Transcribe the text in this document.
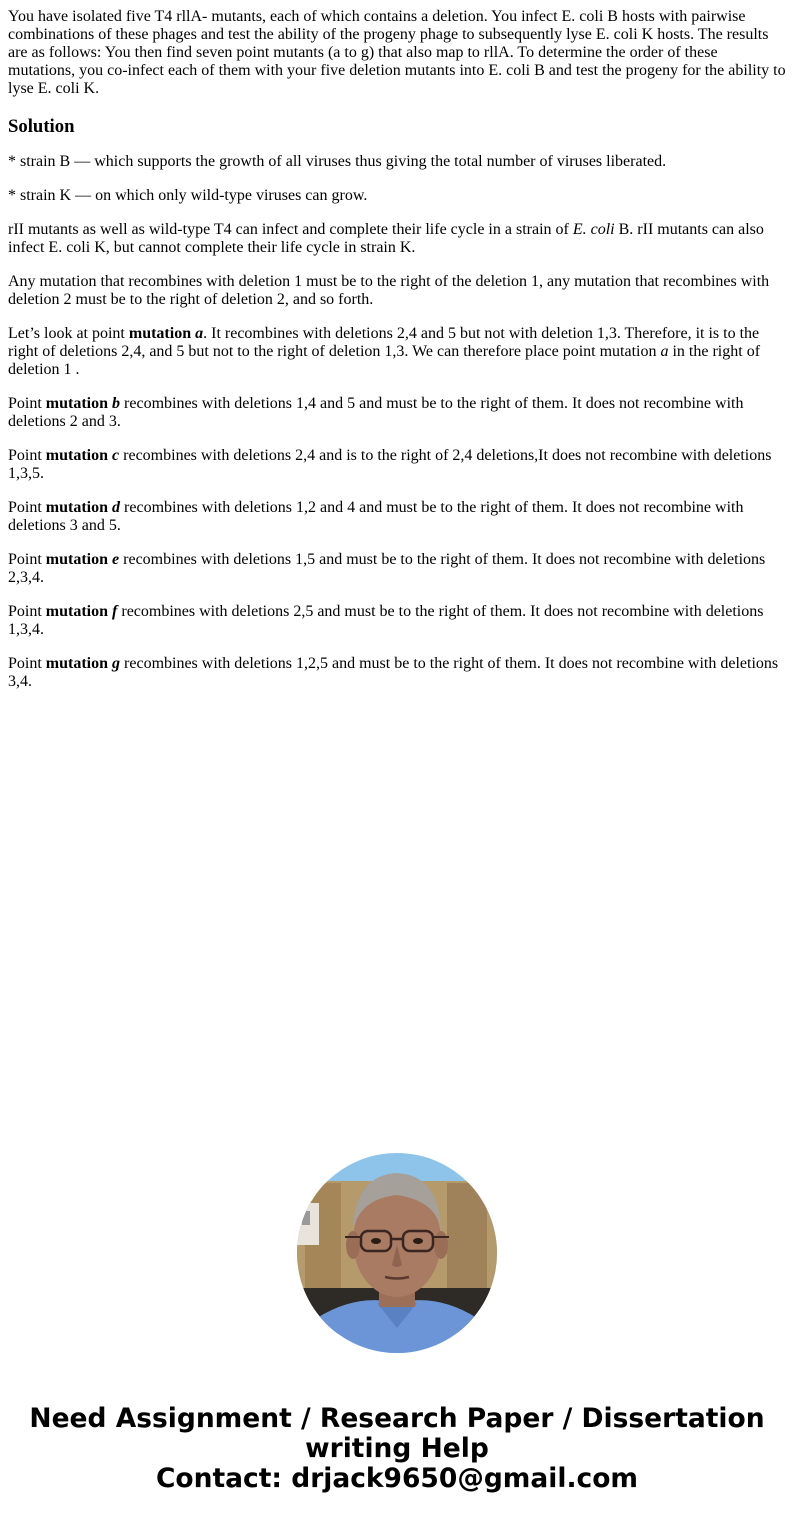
You have isolated five T4 rllA- mutants, each of which contains a deletion. You infect E. coli B hosts with pairwise combinations of these phages and test the ability of the progeny phage to subsequently lyse E. coli K hosts. The results are as follows: You then find seven point mutants (a to g) that also map to rllA. To determine the order of these mutations, you co-infect each of them with your five deletion mutants into E. coli B and test the progeny for the ability to lyse E. coli K.

Solution

* strain B — which supports the growth of all viruses thus giving the total number of viruses liberated.

* strain K — on which only wild-type viruses can grow.

rII mutants as well as wild-type T4 can infect and complete their life cycle in a strain of E. coli B. rII mutants can also infect E. coli K, but cannot complete their life cycle in strain K.

Any mutation that recombines with deletion 1 must be to the right of the deletion 1, any mutation that recombines with deletion 2 must be to the right of deletion 2, and so forth.

Let’s look at point mutation a. It recombines with deletions 2,4 and 5 but not with deletion 1,3. Therefore, it is to the right of deletions 2,4, and 5 but not to the right of deletion 1,3. We can therefore place point mutation a in the right of deletion 1 .

Point mutation b recombines with deletions 1,4 and 5 and must be to the right of them. It does not recombine with deletions 2 and 3.

Point mutation c recombines with deletions 2,4 and is to the right of 2,4 deletions,It does not recombine with deletions 1,3,5.

Point mutation d recombines with deletions 1,2 and 4 and must be to the right of them. It does not recombine with deletions 3 and 5.

Point mutation e recombines with deletions 1,5 and must be to the right of them. It does not recombine with deletions 2,3,4.

Point mutation f recombines with deletions 2,5 and must be to the right of them. It does not recombine with deletions 1,3,4.

Point mutation g recombines with deletions 1,2,5 and must be to the right of them. It does not recombine with deletions 3,4.

Need Assignment / Research Paper / Dissertation
writing Help
Contact: drjack9650@gmail.com
